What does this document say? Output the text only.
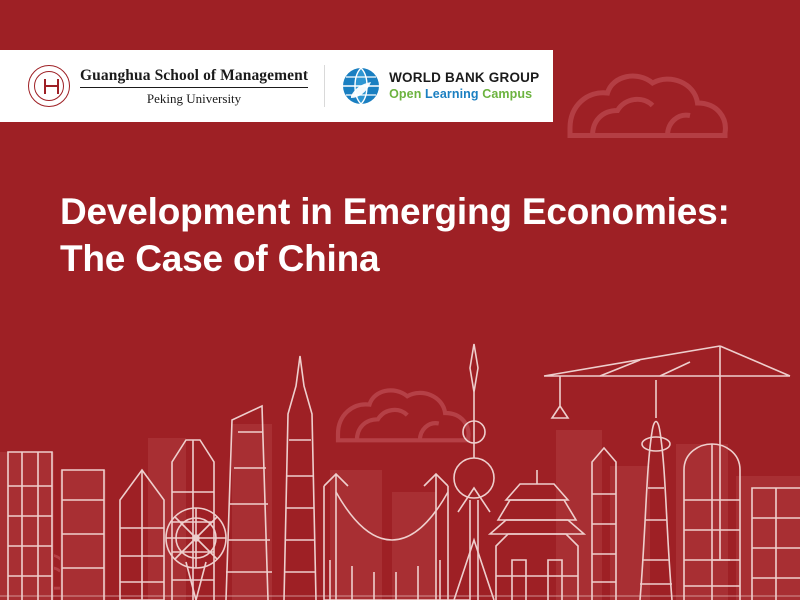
Guanghua School of Management
Peking University
WORLD BANK GROUP
Open Learning Campus
Development in Emerging Economies:
The Case of China
